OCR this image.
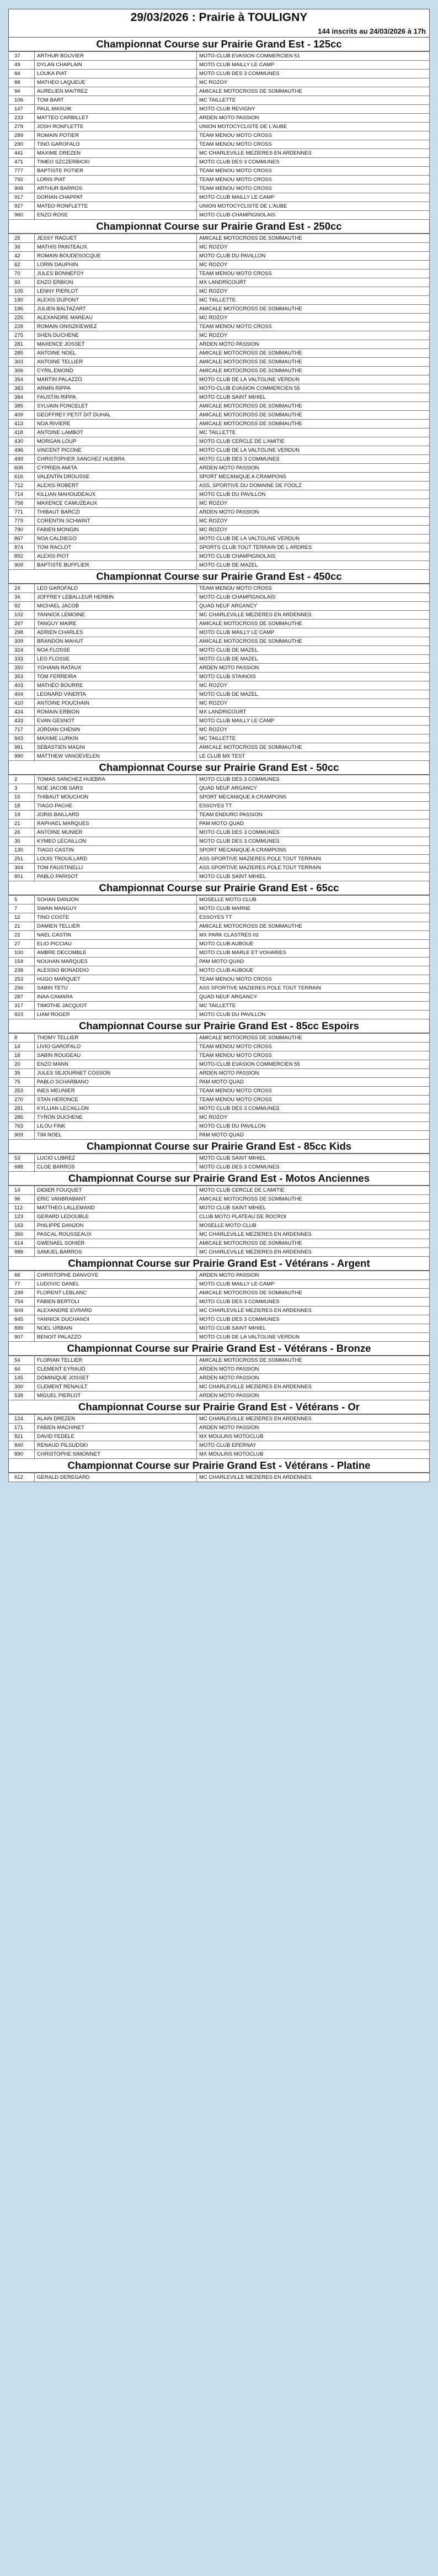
29/03/2026 : Prairie à TOULIGNY
144 inscrits au 24/03/2026 à 17h
Championnat Course sur Prairie Grand Est - 125cc
37	ARTHUR BOUVIER	MOTO-CLUB EVASION COMMERCIEN 51
49	DYLAN CHAPLAIN	MOTO CLUB MAILLY LE CAMP
84	LOUKA PIAT	MOTO CLUB DES 3 COMMUNES
88	MATHEO LAQUEUE	MC ROZOY
94	AURELIEN MAITREZ	AMICALE MOTOCROSS DE SOMMAUTHE
106	TOM BART	MC TAILLETTE
147	PAUL MASUIK	MOTO CLUB REVIGNY
233	MATTEO CARBILLET	ARDEN MOTO PASSION
279	JOSH RONFLETTE	UNION MOTOCYCLISTE DE L'AUBE
289	ROMAIN POTIER	TEAM MENOU MOTO CROSS
290	TINO GAROFALO	TEAM MENOU MOTO CROSS
441	MAXIME DREZEN	MC CHARLEVILLE MEZIERES EN ARDENNES
471	TIMEO SZCZERBICKI	MOTO CLUB DES 3 COMMUNES
777	BAPTISTE POTIER	TEAM MENOU MOTO CROSS
792	LORIS PIAT	TEAM MENOU MOTO CROSS
908	ARTHUR BARROS	TEAM MENOU MOTO CROSS
917	DORIAN CHAPPAT	MOTO CLUB MAILLY LE CAMP
927	MATEO RONFLETTE	UNION MOTOCYCLISTE DE L'AUBE
960	ENZO ROSE	MOTO CLUB CHAMPIGNOLAIS
Championnat Course sur Prairie Grand Est - 250cc
25	JESSY RAGUET	AMICALE MOTOCROSS DE SOMMAUTHE
36	MATHIS PAINTEAUX	MC ROZOY
42	ROMAIN BOUDESOCQUE	MOTO CLUB DU PAVILLON
62	LORIN DAUPHIN	MC ROZOY
70	JULES BONNEFOY	TEAM MENOU MOTO CROSS
93	ENZO ERBION	MX LANDRICOURT
105	LENNY PIERLOT	MC ROZOY
190	ALEXIS DUPONT	MC TAILLETTE
196	JULIEN BALTAZART	AMICALE MOTOCROSS DE SOMMAUTHE
225	ALEXANDRE MAREAU	MC ROZOY
228	ROMAIN ONISZKIEWIEZ	TEAM MENOU MOTO CROSS
275	SHEN DUCHENE	MC ROZOY
281	MAXENCE JOSSET	ARDEN MOTO PASSION
285	ANTOINE NOEL	AMICALE MOTOCROSS DE SOMMAUTHE
303	ANTOINE TELLIER	AMICALE MOTOCROSS DE SOMMAUTHE
306	CYRIL EMOND	AMICALE MOTOCROSS DE SOMMAUTHE
354	MARTIN PALAZZO	MOTO CLUB DE LA VALTOLINE VERDUN
383	ARMIN RIPPA	MOTO-CLUB EVASION COMMERCIEN 55
384	FAUSTIN RIPPA	MOTO CLUB SAINT MIHIEL
385	SYLVAIN PONCELET	AMICALE MOTOCROSS DE SOMMAUTHE
409	GEOFFREY PETIT DIT DUHAL	AMICALE MOTOCROSS DE SOMMAUTHE
413	NOA RIVIERE	AMICALE MOTOCROSS DE SOMMAUTHE
418	ANTOINE LAMBOT	MC TAILLETTE
430	MORGAN LOUP	MOTO CLUB CERCLE DE L'AMITIE
496	VINCENT PICONE	MOTO CLUB DE LA VALTOLINE VERDUN
499	CHRISTOPHER SANCHEZ HUEBRA	MOTO CLUB DES 3 COMMUNES
608	CYPRIEN AMITA	ARDEN MOTO PASSION
616	VALENTIN DROUSSE	SPORT MECANIQUE A CRAMPONS
712	ALEXIS ROBERT	ASS. SPORTIVE DU DOMAINE DE FOOLZ
714	KILLIAN MAHOUDEAUX	MOTO CLUB DU PAVILLON
758	MAXENCE CAMUZEAUX	MC ROZOY
771	THIBAUT BARCZI	ARDEN MOTO PASSION
779	CORENTIN SCHWINT	MC ROZOY
790	FABIEN MONGIN	MC ROZOY
867	NOA CALDIEGO	MOTO CLUB DE LA VALTOLINE VERDUN
874	TOM RACLOT	SPORTS CLUB TOUT TERRAIN DE L ARDRES
892	ALEXIS PIOT	MOTO CLUB CHAMPIGNOLAIS
909	BAPTISTE BUFFLIER	MOTO CLUB DE MAZEL
Championnat Course sur Prairie Grand Est - 450cc
24	LEO GAROFALO	TEAM MENOU MOTO CROSS
34	JOFFREY LEBALLEUR HERBIN	MOTO CLUB CHAMPIGNOLAIS
92	MICHAEL JACOB	QUAD NEUF ARGANCY
102	YANNICK LEMOINE	MC CHARLEVILLE MEZIERES EN ARDENNES
267	TANGUY MAIRE	AMICALE MOTOCROSS DE SOMMAUTHE
298	ADRIEN CHARLES	MOTO CLUB MAILLY LE CAMP
309	BRANDON MAHUT	AMICALE MOTOCROSS DE SOMMAUTHE
324	NOA FLOSSE	MOTO CLUB DE MAZEL
333	LEO FLOSSE	MOTO CLUB DE MAZEL
350	YOHANN RATAUX	ARDEN MOTO PASSION
353	TOM FERREIRA	MOTO CLUB STAINOIS
403	MATHEO BOURRE	MC ROZOY
404	LEONARD VINERTA	MOTO CLUB DE MAZEL
410	ANTOINE POUCHAIN	MC ROZOY
424	ROMAIN ERBION	MX LANDRICOURT
433	EVAN GESNOT	MOTO CLUB MAILLY LE CAMP
717	JORDAN CHENIN	MC ROZOY
943	MAXIME LURKIN	MC TAILLETTE
981	SEBASTIEN MAGNI	AMICALE MOTOCROSS DE SOMMAUTHE
990	MATTHEW VANOEVELEN	LE CLUB MX TEST
Championnat Course sur Prairie Grand Est - 50cc
2	TOMAS SANCHEZ HUEBRA	MOTO CLUB DES 3 COMMUNES
3	NOE JACOB SARS	QUAD NEUF ARGANCY
15	THIBAUT MOUCHON	SPORT MECANIQUE A CRAMPONS
18	TIAGO PACHE	ESSOYES TT
19	JORIS BAILLARD	TEAM ENDURO PASSION
21	RAPHAEL MARQUES	PAM MOTO QUAD
26	ANTOINE MUNIER	MOTO CLUB DES 3 COMMUNES
30	KYMEO LECAILLON	MOTO CLUB DES 3 COMMUNES
130	TIAGO CASTIN	SPORT MECANIQUE A CRAMPONS
251	LOUIS TROUILLARD	ASS SPORTIVE MAZIERES POLE TOUT TERRAIN
304	TOM FAUSTINELLI	ASS SPORTIVE MAZIERES POLE TOUT TERRAIN
801	PABLO PARISOT	MOTO CLUB SAINT MIHIEL
Championnat Course sur Prairie Grand Est - 65cc
5	SOHAN DANJON	MOSELLE MOTO CLUB
7	SWAN MANGUY	MOTO CLUB MARNE
12	TINO COSTE	ESSOYES TT
21	DAMIEN TELLIER	AMICALE MOTOCROSS DE SOMMAUTHE
22	NAEL CASTIN	MX PARK CLASTRES 02
27	ELIO PICCIAU	MOTO CLUB AUBOUE
100	AMBRE DECOMBLE	MOTO CLUB MARLE ET VOHARIES
154	NOUHAN MARQUES	PAM MOTO QUAD
238	ALESSIO BONADDIO	MOTO CLUB AUBOUE
253	HUGO MARQUET	TEAM MENOU MOTO CROSS
256	SABIN TETU	ASS SPORTIVE MAZIERES POLE TOUT TERRAIN
287	INAA CAMARA	QUAD NEUF ARGANCY
317	TIMOTHE JACQUOT	MC TAILLETTE
923	LIAM ROGER	MOTO CLUB DU PAVILLON
Championnat Course sur Prairie Grand Est - 85cc Espoirs
8	THOMY TELLIER	AMICALE MOTOCROSS DE SOMMAUTHE
14	LIVIO GAROFALO	TEAM MENOU MOTO CROSS
18	SABIN ROUGEAU	TEAM MENOU MOTO CROSS
20	ENZO MANN	MOTO-CLUB EVASION COMMERCIEN 55
35	JULES SEJOURNET COSSON	ARDEN MOTO PASSION
75	PABLO SCHARBANO	PAM MOTO QUAD
253	INES MEUNIER	TEAM MENOU MOTO CROSS
270	STAN HERONCE	TEAM MENOU MOTO CROSS
281	KYLLIAN LECAILLON	MOTO CLUB DES 3 COMMUNES
286	TYRON DUCHENE	MC ROZOY
763	LILOU FINK	MOTO CLUB DU PAVILLON
909	TIM NOEL	PAM MOTO QUAD
Championnat Course sur Prairie Grand Est - 85cc Kids
53	LUCIO LUBREZ	MOTO CLUB SAINT MIHIEL
688	CLOE BARROS	MOTO CLUB DES 3 COMMUNES
Championnat Course sur Prairie Grand Est - Motos Anciennes
14	DIDIER FOUQUET	MOTO CLUB CERCLE DE L'AMITIE
96	ERIC VANBRABANT	AMICALE MOTOCROSS DE SOMMAUTHE
112	MATTHEO LALLEMAND	MOTO CLUB SAINT MIHIEL
123	GERARD LEDOUBLE	CLUB MOTO PLATEAU DE ROCROI
163	PHILIPPE DANJON	MOSELLE MOTO CLUB
350	PASCAL ROUSSEAUX	MC CHARLEVILLE MEZIERES EN ARDENNES
614	GWENAEL SOHIER	AMICALE MOTOCROSS DE SOMMAUTHE
988	SAMUEL BARROS	MC CHARLEVILLE MEZIERES EN ARDENNES
Championnat Course sur Prairie Grand Est - Vétérans - Argent
66	CHRISTOPHE DANVOYE	ARDEN MOTO PASSION
77	LUDOVIC DANEL	MOTO CLUB MAILLY LE CAMP
299	FLORENT LEBLANC	AMICALE MOTOCROSS DE SOMMAUTHE
754	FABIEN BERTOLI	MOTO CLUB DES 3 COMMUNES
609	ALEXANDRE EVRARD	MC CHARLEVILLE MEZIERES EN ARDENNES
845	YANNICK DUCHANOI	MOTO CLUB DES 3 COMMUNES
899	NOEL URBAIN	MOTO CLUB SAINT MIHIEL
907	BENOIT PALAZZO	MOTO CLUB DE LA VALTOLINE VERDUN
Championnat Course sur Prairie Grand Est - Vétérans - Bronze
54	FLORIAN TELLIER	AMICALE MOTOCROSS DE SOMMAUTHE
64	CLEMENT EYRAUD	ARDEN MOTO PASSION
145	DOMINIQUE JOSSET	ARDEN MOTO PASSION
300	CLEMENT RENAULT	MC CHARLEVILLE MEZIERES EN ARDENNES
538	MIGUEL PIERLOT	ARDEN MOTO PASSION
Championnat Course sur Prairie Grand Est - Vétérans - Or
124	ALAIN DREZEN	MC CHARLEVILLE MEZIERES EN ARDENNES
171	FABIEN MACHINET	ARDEN MOTO PASSION
821	DAVID FEDELE	MX MOULINS MOTOCLUB
840	RENAUD PILSUDSKI	MOTO CLUB EPERNAY
890	CHRISTOPHE SIMONNET	MX MOULINS MOTOCLUB
Championnat Course sur Prairie Grand Est - Vétérans - Platine
612	GERALD DEREGARD	MC CHARLEVILLE MEZIERES EN ARDENNES
